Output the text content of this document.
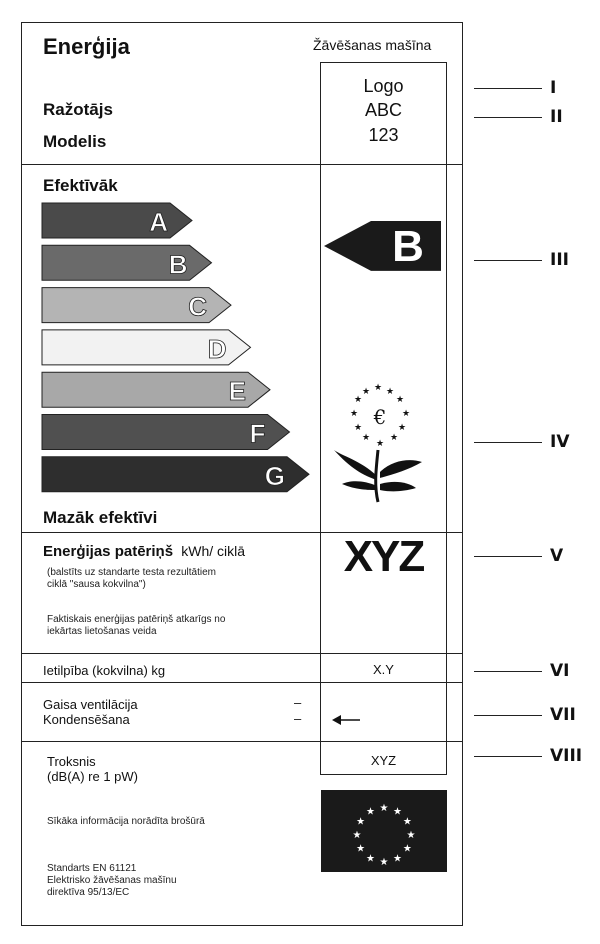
Enerģija	Žāvēšanas mašīna
Ražotājs
Modelis
Logo
ABC
123
Efektīvāk
A
B
C
D
E
F
G
B
★ ★
★
★
★
★
★
★
★
★
★
★
€
Mazāk efektīvi
Enerģijas patēriņš kWh/ ciklā
(balstīts uz standarte testa rezultātiem
ciklā "sausa kokvilna")
Faktiskais enerģijas patēriņš atkarīgs no
iekārtas lietošanas veida
XYZ
Ietilpība (kokvilna) kg	X.Y
Gaisa ventilācija
Kondensēšana
–
–
Troksnis
(dB(A) re 1 pW)
XYZ
Sīkāka informācija norādīta brošūrā
Standarts EN 61121
Elektrisko žāvēšanas mašīnu
direktīva 95/13/EC
★ ★
★
★
★
★
★
★
★
★
★
★
I
II
III
IV
V
VI
VII
VIII
